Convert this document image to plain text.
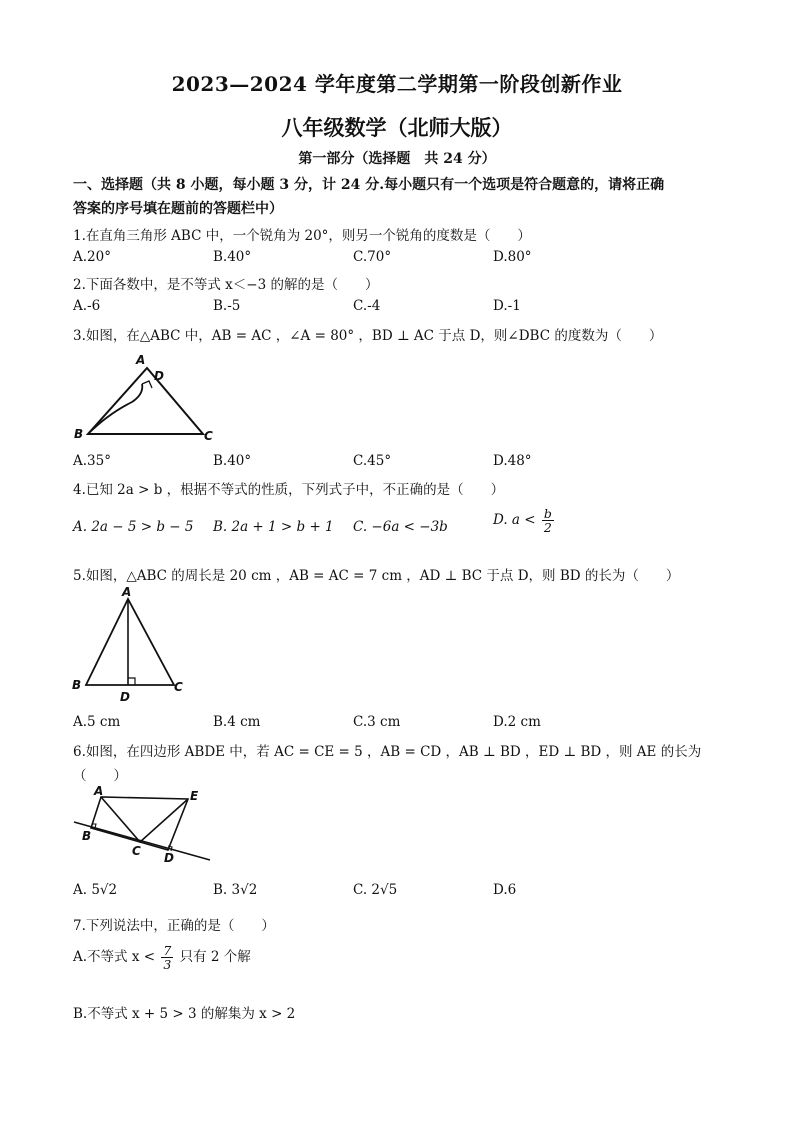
2023—2024 学年度第二学期第一阶段创新作业
八年级数学（北师大版）
第一部分（选择题　共 24 分）
一、选择题（共 8 小题，每小题 3 分，计 24 分.每小题只有一个选项是符合题意的，请将正确
答案的序号填在题前的答题栏中）
1.在直角三角形 ABC 中，一个锐角为 20°，则另一个锐角的度数是（　　）
A.20°	B.40°	C.70°	D.80°
2.下面各数中，是不等式 x＜−3 的解的是（　　）
A.-6	B.-5	C.-4	D.-1
3.如图，在△ABC 中，AB = AC ，∠A = 80° ，BD ⊥ AC 于点 D，则∠DBC 的度数为（　　）
A
D
B	C
A.35°	B.40°	C.45°	D.48°
4.已知 2a > b ，根据不等式的性质，下列式子中，不正确的是（　　）
A. 2a − 5 > b − 5 B. 2a + 1 > b + 1 C. −6a < −3b	D. $a < \frac{b}{2}$
5.如图，△ABC 的周长是 20 cm ，AB = AC = 7 cm ，AD ⊥ BC 于点 D，则 BD 的长为（　　）
A
B
D
C
A.5 cm	B.4 cm	C.3 cm	D.2 cm
6.如图，在四边形 ABDE 中，若 AC = CE = 5 ，AB = CD ，AB ⊥ BD ，ED ⊥ BD ，则 AE 的长为
（　　）
A	E
B
C D
A. 5√2	B. 3√2	C. 2√5	D.6
7.下列说法中，正确的是（　　）
A.不等式 $x < \frac{7}{3}$ 只有 2 个解
B.不等式 x + 5 > 3 的解集为 x > 2
